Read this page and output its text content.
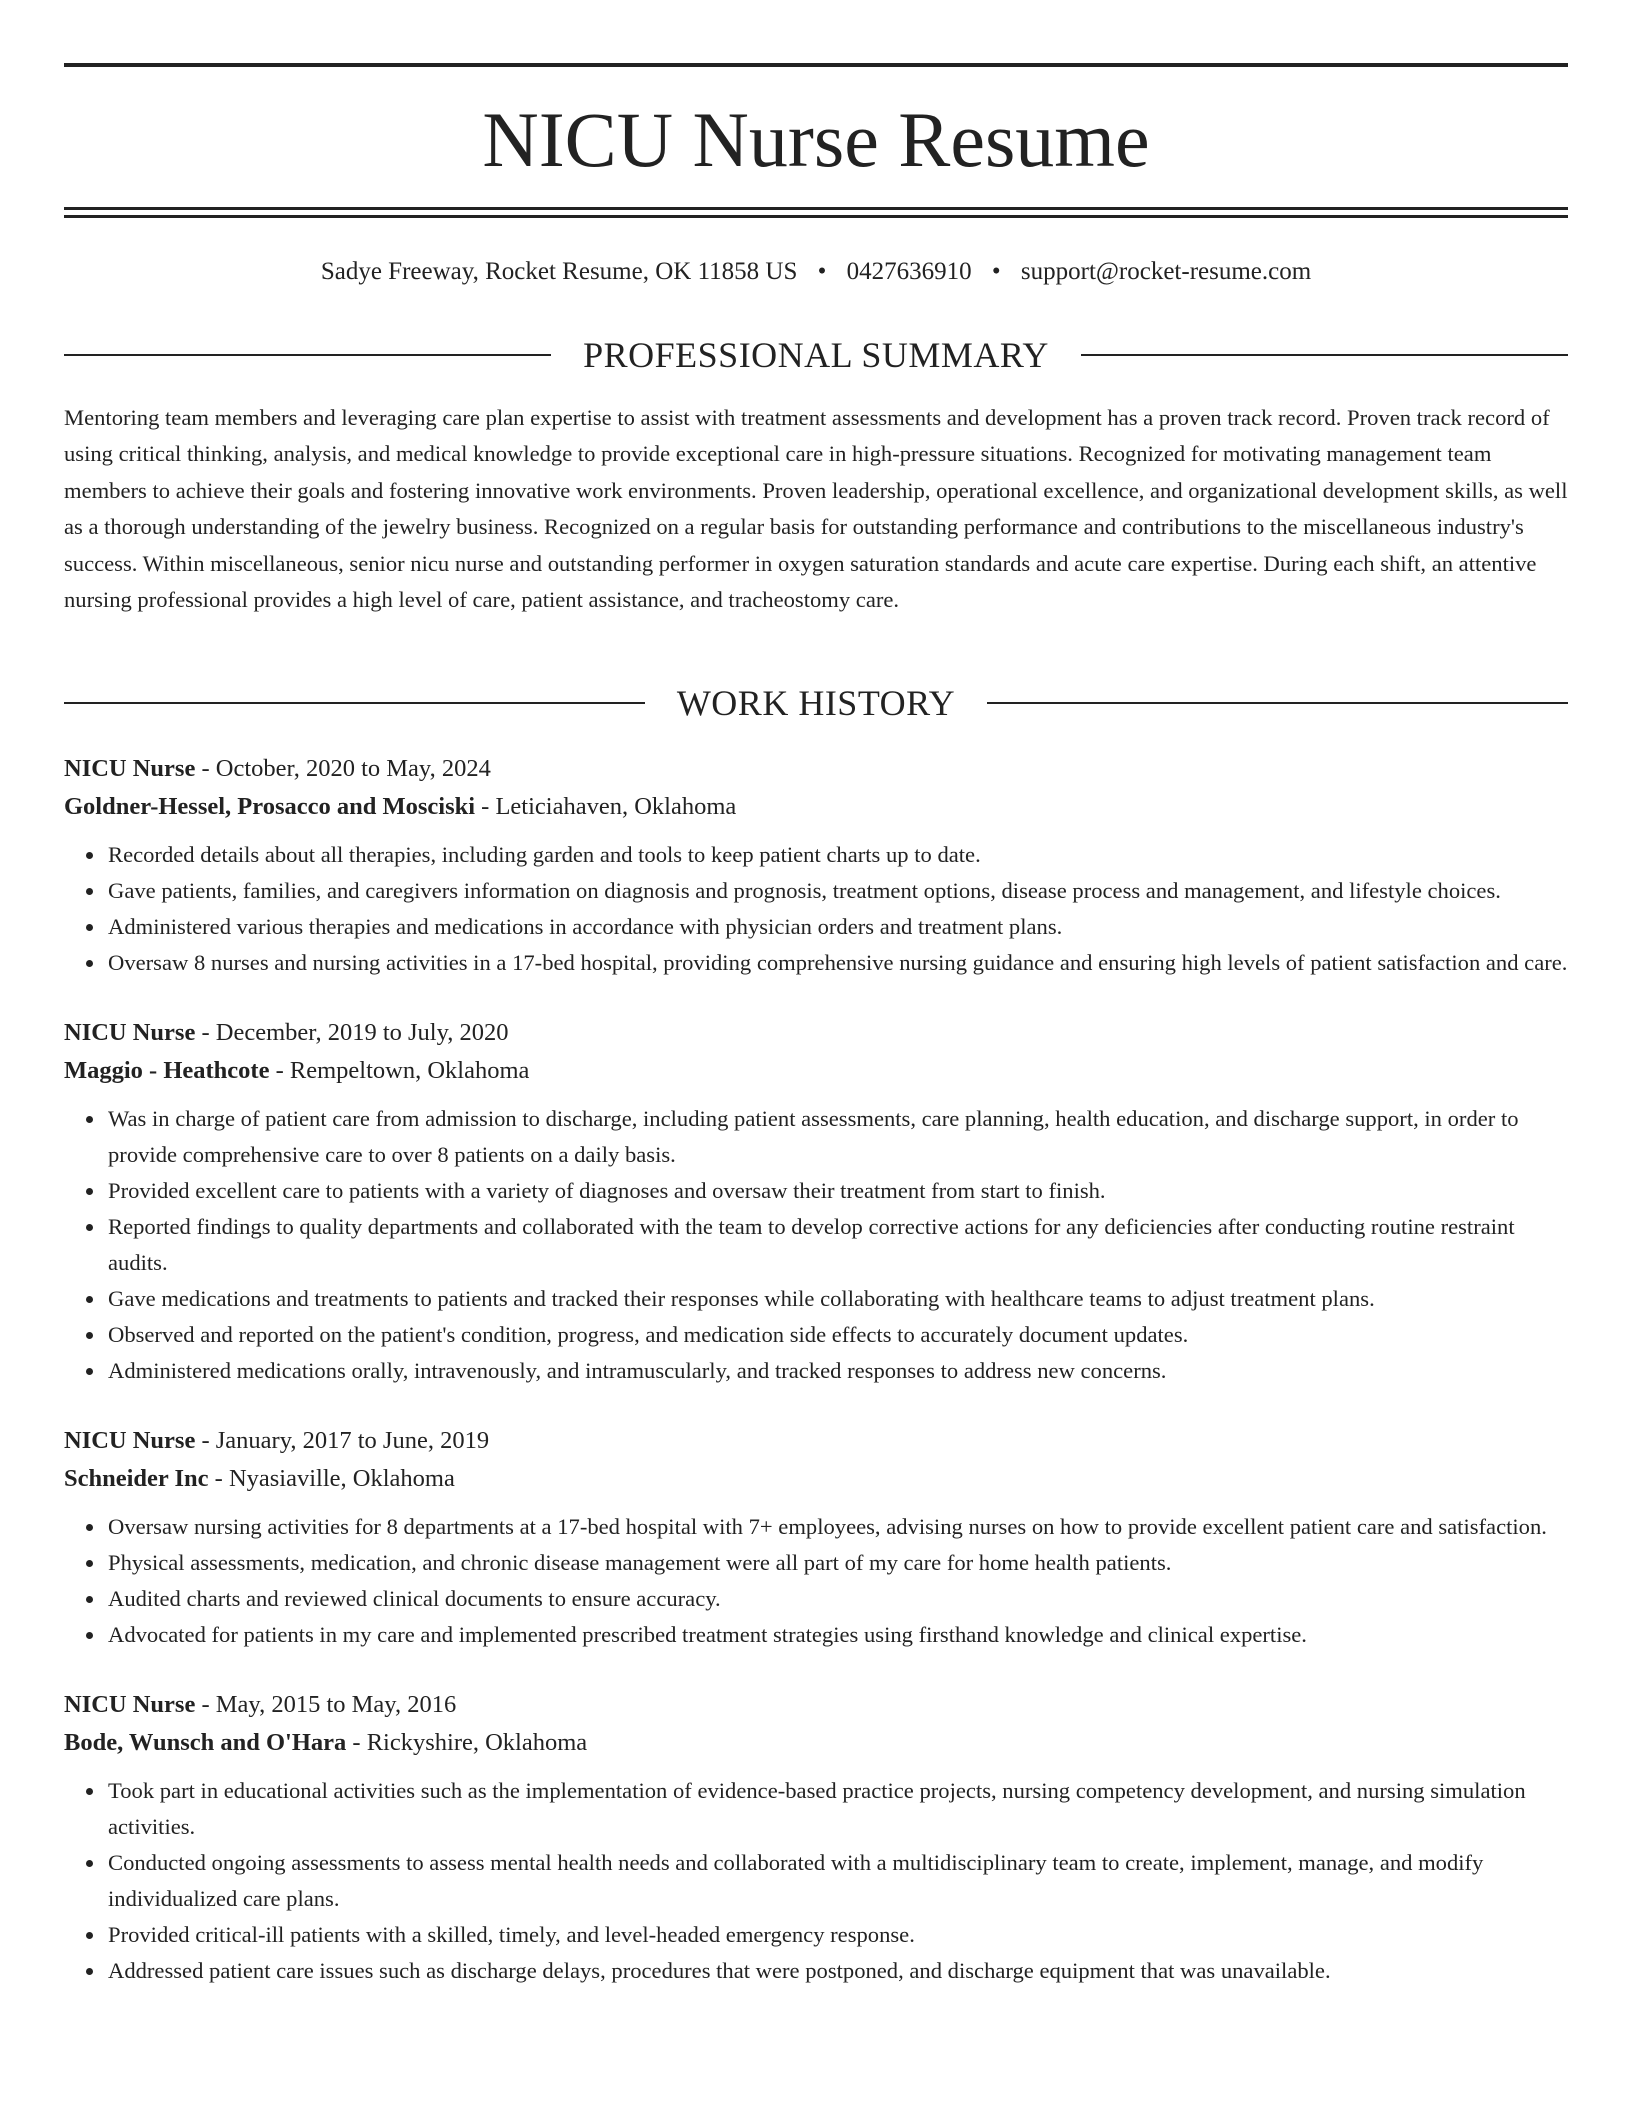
NICU Nurse Resume
Sadye Freeway, Rocket Resume, OK 11858 US • 0427636910 • support@rocket-resume.com
PROFESSIONAL SUMMARY

Mentoring team members and leveraging care plan expertise to assist with treatment assessments and development has a proven track record. Proven track record of using critical thinking, analysis, and medical knowledge to provide exceptional care in high-pressure situations. Recognized for motivating management team members to achieve their goals and fostering innovative work environments. Proven leadership, operational excellence, and organizational development skills, as well as a thorough understanding of the jewelry business. Recognized on a regular basis for outstanding performance and contributions to the miscellaneous industry's success. Within miscellaneous, senior nicu nurse and outstanding performer in oxygen saturation standards and acute care expertise. During each shift, an attentive nursing professional provides a high level of care, patient assistance, and tracheostomy care.

WORK HISTORY

NICU Nurse - October, 2020 to May, 2024

Goldner-Hessel, Prosacco and Mosciski - Leticiahaven, Oklahoma

Recorded details about all therapies, including garden and tools to keep patient charts up to date.
Gave patients, families, and caregivers information on diagnosis and prognosis, treatment options, disease process and management, and lifestyle choices.
Administered various therapies and medications in accordance with physician orders and treatment plans.
Oversaw 8 nurses and nursing activities in a 17-bed hospital, providing comprehensive nursing guidance and ensuring high levels of patient satisfaction and care.

NICU Nurse - December, 2019 to July, 2020

Maggio - Heathcote - Rempeltown, Oklahoma

Was in charge of patient care from admission to discharge, including patient assessments, care planning, health education, and discharge support, in order to provide comprehensive care to over 8 patients on a daily basis.
Provided excellent care to patients with a variety of diagnoses and oversaw their treatment from start to finish.
Reported findings to quality departments and collaborated with the team to develop corrective actions for any deficiencies after conducting routine restraint audits.
Gave medications and treatments to patients and tracked their responses while collaborating with healthcare teams to adjust treatment plans.
Observed and reported on the patient's condition, progress, and medication side effects to accurately document updates.
Administered medications orally, intravenously, and intramuscularly, and tracked responses to address new concerns.

NICU Nurse - January, 2017 to June, 2019

Schneider Inc - Nyasiaville, Oklahoma

Oversaw nursing activities for 8 departments at a 17-bed hospital with 7+ employees, advising nurses on how to provide excellent patient care and satisfaction.
Physical assessments, medication, and chronic disease management were all part of my care for home health patients.
Audited charts and reviewed clinical documents to ensure accuracy.
Advocated for patients in my care and implemented prescribed treatment strategies using firsthand knowledge and clinical expertise.

NICU Nurse - May, 2015 to May, 2016

Bode, Wunsch and O'Hara - Rickyshire, Oklahoma

Took part in educational activities such as the implementation of evidence-based practice projects, nursing competency development, and nursing simulation activities.
Conducted ongoing assessments to assess mental health needs and collaborated with a multidisciplinary team to create, implement, manage, and modify individualized care plans.
Provided critical-ill patients with a skilled, timely, and level-headed emergency response.
Addressed patient care issues such as discharge delays, procedures that were postponed, and discharge equipment that was unavailable.
